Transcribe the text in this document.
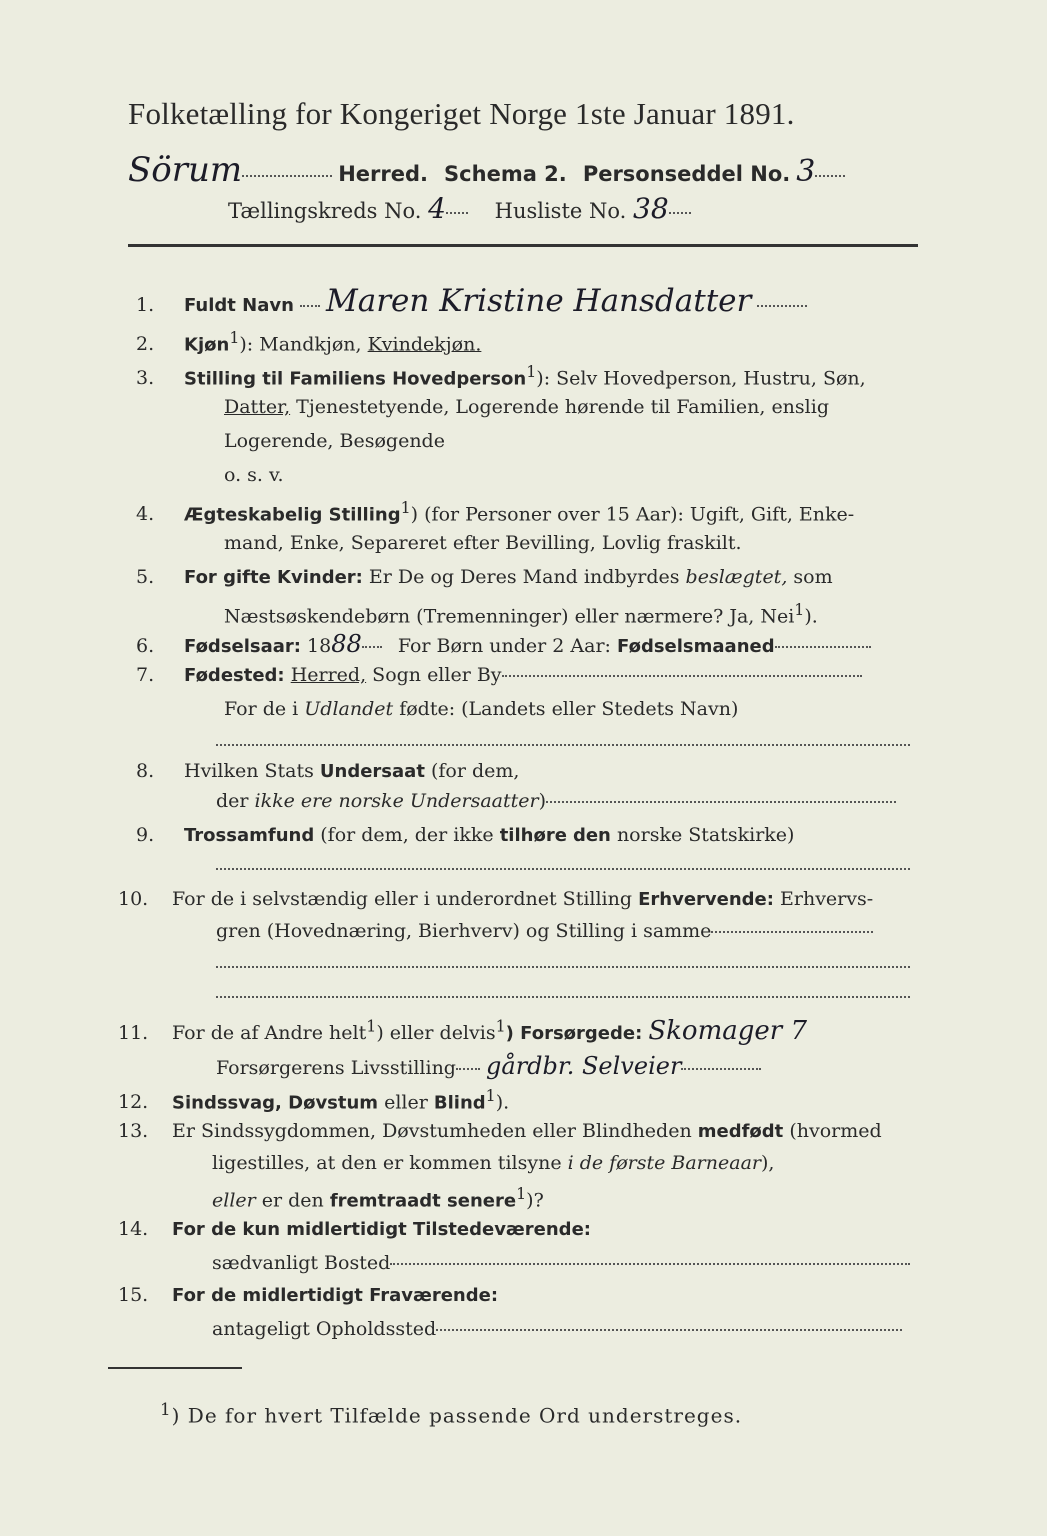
Folketælling for Kongeriget Norge 1ste Januar 1891.
Sörum	Herred. Schema 2. Personseddel No. 3
Tællingskreds No. 4 Husliste No. 38
1. Fuldt Navn Maren Kristine Hansdatter
2. Kjøn$^1$): Mandkjøn, Kvindekjøn.
3. Stilling til Familiens Hovedperson$^1$): Selv Hovedperson, Hustru, Søn,
Datter, Tjenestetyende, Logerende hørende til Familien, enslig
Logerende, Besøgende
o. s. v.
4. Ægteskabelig Stilling$^1$) (for Personer over 15 Aar): Ugift, Gift, Enke-
mand, Enke, Separeret efter Bevilling, Lovlig fraskilt.
5. For gifte Kvinder: Er De og Deres Mand indbyrdes beslægtet, som
Næstsøskendebørn (Tremenninger) eller nærmere? Ja, Nei$^1$).
6. Fødselsaar: 1888 For Børn under 2 Aar: Fødselsmaaned
7. Fødested: Herred, Sogn eller By
For de i Udlandet fødte: (Landets eller Stedets Navn)
8. Hvilken Stats Undersaat (for dem,
der ikke ere norske Undersaatter)
9. Trossamfund (for dem, der ikke tilhøre den norske Statskirke)
10. For de i selvstændig eller i underordnet Stilling Erhvervende: Erhvervs-
gren (Hovednæring, Bierhverv) og Stilling i samme
11. For de af Andre helt$^1$) eller delvis$^1$) Forsørgede: Skomager 7
Forsørgerens Livsstilling gårdbr. Selveier
12. Sindssvag, Døvstum eller Blind$^1$).
13. Er Sindssygdommen, Døvstumheden eller Blindheden medfødt (hvormed
ligestilles, at den er kommen tilsyne i de første Barneaar),
eller er den fremtraadt senere$^1$)?
14. For de kun midlertidigt Tilstedeværende:
sædvanligt Bosted
15. For de midlertidigt Fraværende:
antageligt Opholdssted
$^1$) De for hvert Tilfælde passende Ord understreges.
